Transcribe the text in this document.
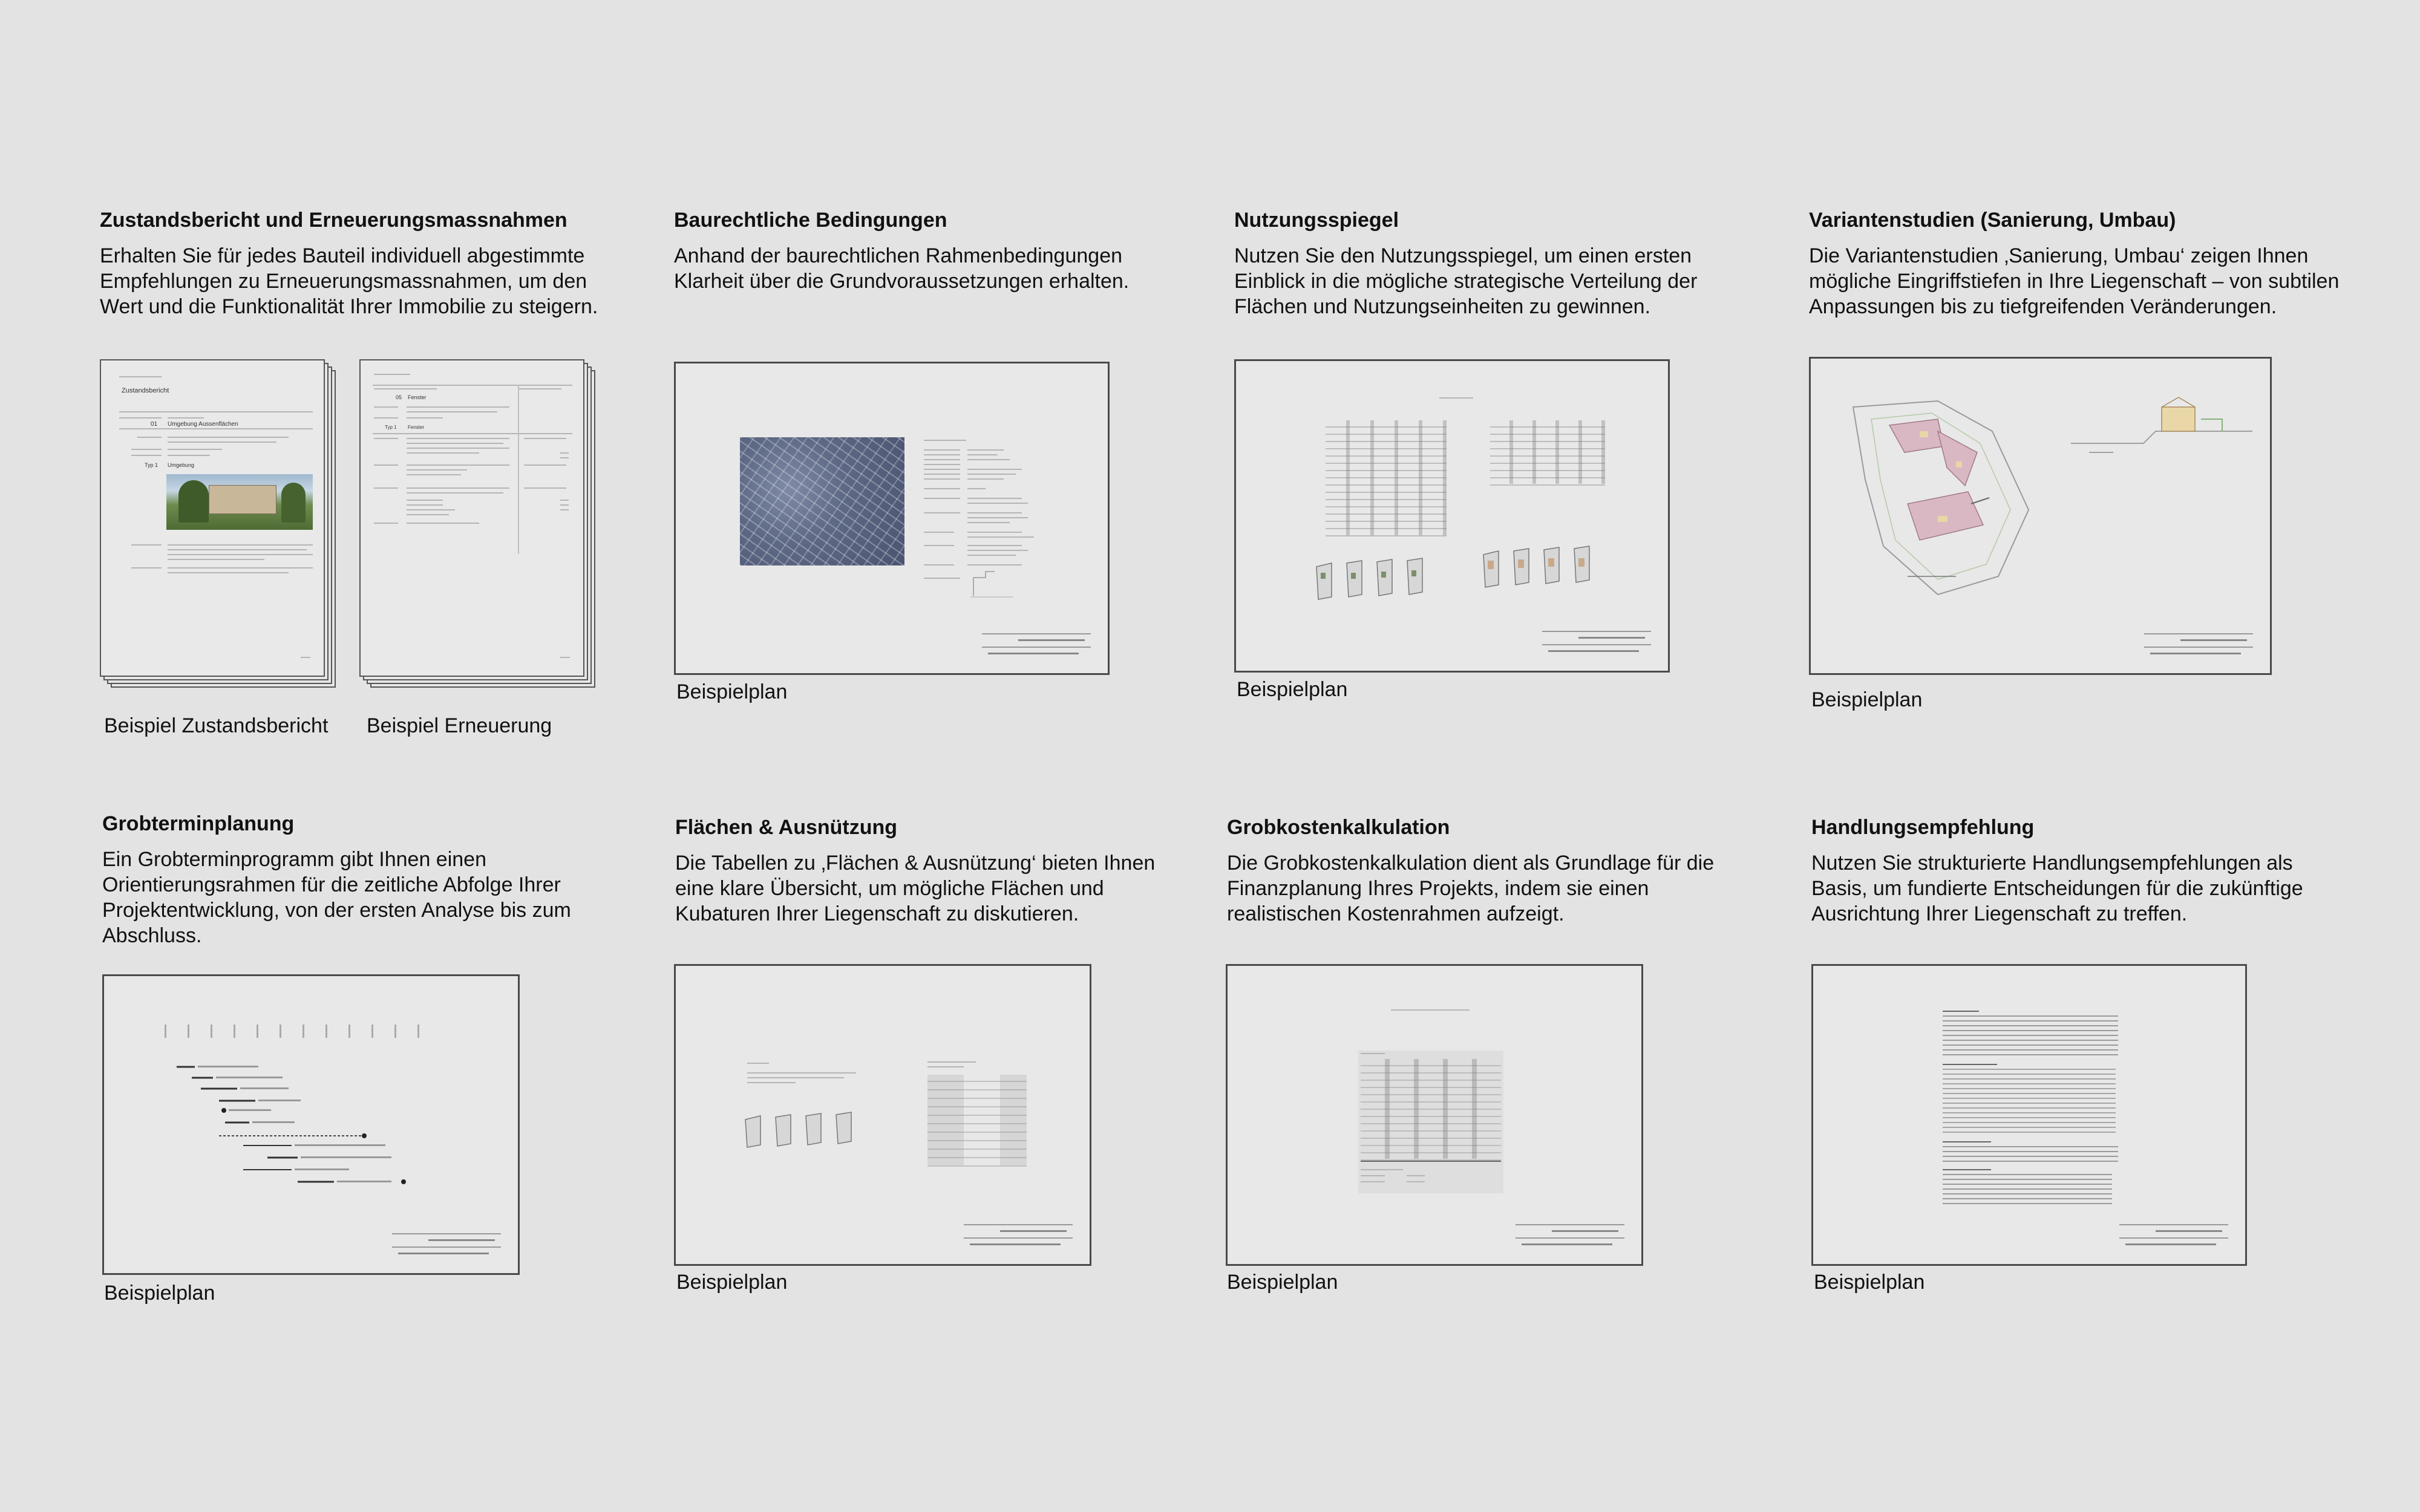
Zustandsbericht und Erneuerungsmassnahmen

Erhalten Sie für jedes Bauteil individuell abgestimmte Empfehlungen zu Erneuerungsmassnahmen, um den Wert und die Funktionalität Ihrer Immobilie zu steigern.

Zustandsbericht
01 Umgebung Aussenflächen
Typ 1 Umgebung
Beispiel Zustandsbericht
05 Fenster
Typ 1 Fenster
Beispiel Erneuerung
Baurechtliche Bedingungen

Anhand der baurechtlichen Rahmenbedingungen Klarheit über die Grundvoraussetzungen erhalten.

Beispielplan
Nutzungsspiegel

Nutzen Sie den Nutzungsspiegel, um einen ersten Einblick in die mögliche strategische Verteilung der Flächen und Nutzungseinheiten zu gewinnen.

Beispielplan
Variantenstudien (Sanierung, Umbau)

Die Variantenstudien ‚Sanierung, Umbau‘ zeigen Ihnen mögliche Eingriffstiefen in Ihre Liegenschaft – von subtilen Anpassungen bis zu tiefgreifenden Veränderungen.

Beispielplan
Grobterminplanung

Ein Grobterminprogramm gibt Ihnen einen Orientierungsrahmen für die zeitliche Abfolge Ihrer Projektentwicklung, von der ersten Analyse bis zum Abschluss.

Beispielplan
Flächen & Ausnützung

Die Tabellen zu ‚Flächen & Ausnützung‘ bieten Ihnen eine klare Übersicht, um mögliche Flächen und Kubaturen Ihrer Liegenschaft zu diskutieren.

Beispielplan
Grobkostenkalkulation

Die Grobkostenkalkulation dient als Grundlage für die Finanzplanung Ihres Projekts, indem sie einen realistischen Kostenrahmen aufzeigt.

Beispielplan
Handlungsempfehlung

Nutzen Sie strukturierte Handlungsempfehlungen als Basis, um fundierte Entscheidungen für die zukünftige Ausrichtung Ihrer Liegenschaft zu treffen.

Beispielplan
